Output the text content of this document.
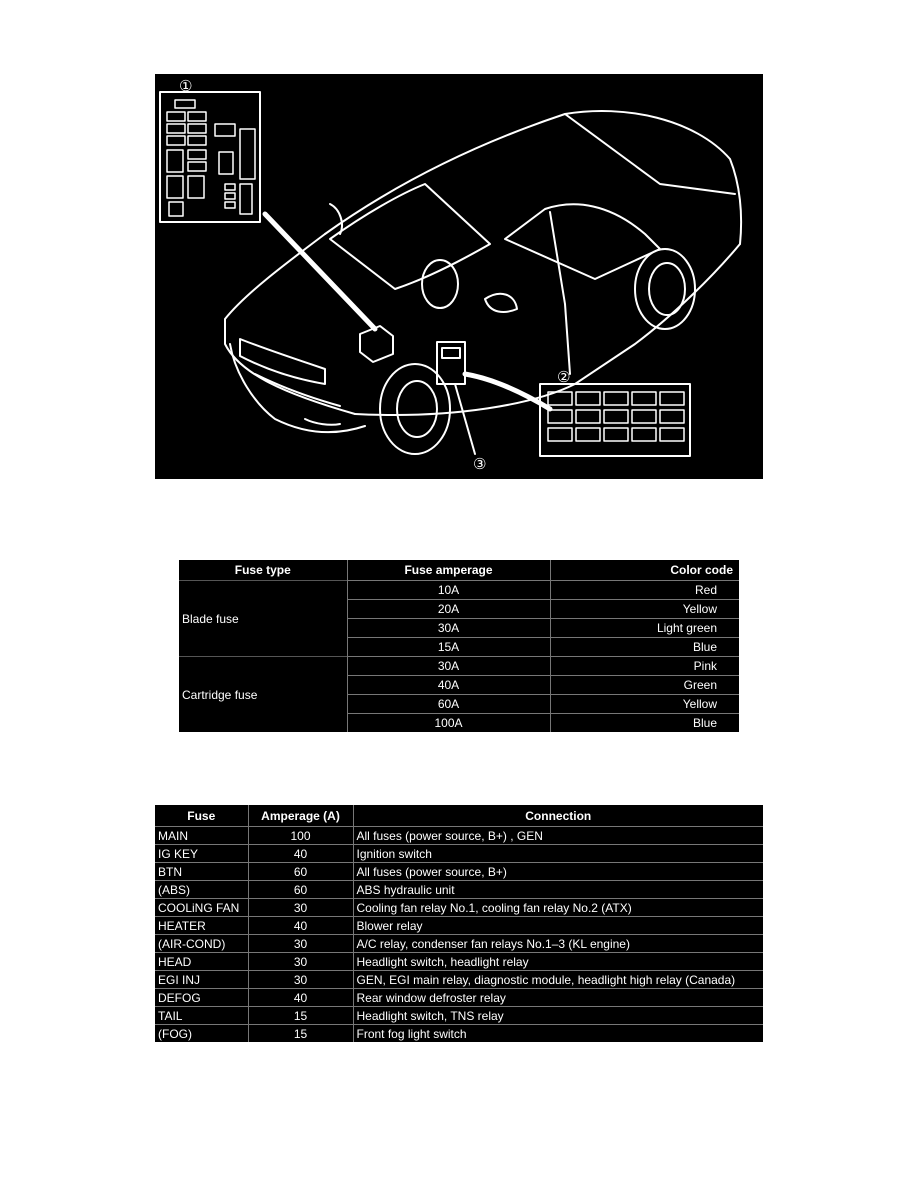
①
②
③
Fuse type	Fuse amperage	Color code
Blade fuse	10A	Red
	20A	Yellow
	30A	Light green
	15A	Blue
Cartridge fuse	30A	Pink
	40A	Green
	60A	Yellow
	100A	Blue
Fuse	Amperage (A)	Connection
MAIN	100	All fuses (power source, B+) , GEN
IG KEY	40	Ignition switch
BTN	60	All fuses (power source, B+)
(ABS)	60	ABS hydraulic unit
COOLiNG FAN	30	Cooling fan relay No.1, cooling fan relay No.2 (ATX)
HEATER	40	Blower relay
(AIR-COND)	30	A/C relay, condenser fan relays No.1–3 (KL engine)
HEAD	30	Headlight switch, headlight relay
EGI INJ	30	GEN, EGI main relay, diagnostic module, headlight high relay (Canada)
DEFOG	40	Rear window defroster relay
TAIL	15	Headlight switch, TNS relay
(FOG)	15	Front fog light switch
